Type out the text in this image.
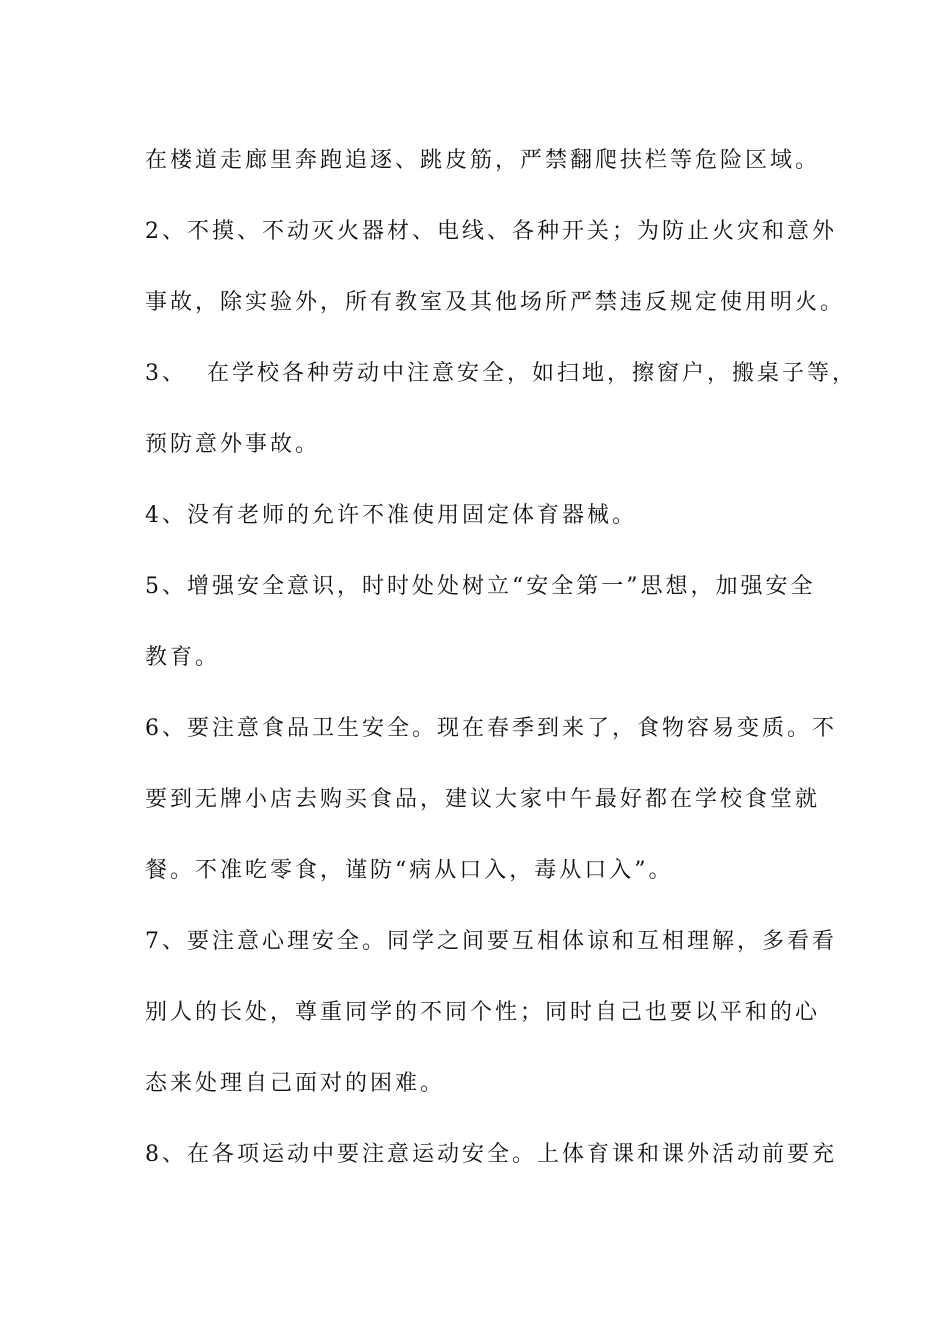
在楼道走廊里奔跑追逐、跳皮筋，严禁翻爬扶栏等危险区域。
2、不摸、不动灭火器材、电线、各种开关；为防止火灾和意外
事故，除实验外，所有教室及其他场所严禁违反规定使用明火。
3、  在学校各种劳动中注意安全，如扫地，擦窗户，搬桌子等，
预防意外事故。
4、没有老师的允许不准使用固定体育器械。
5、增强安全意识，时时处处树立“安全第一”思想，加强安全
教育。
6、要注意食品卫生安全。现在春季到来了，食物容易变质。不
要到无牌小店去购买食品，建议大家中午最好都在学校食堂就
餐。不准吃零食，谨防“病从口入，毒从口入”。
7、要注意心理安全。同学之间要互相体谅和互相理解，多看看
别人的长处，尊重同学的不同个性；同时自己也要以平和的心
态来处理自己面对的困难。
8、在各项运动中要注意运动安全。上体育课和课外活动前要充
